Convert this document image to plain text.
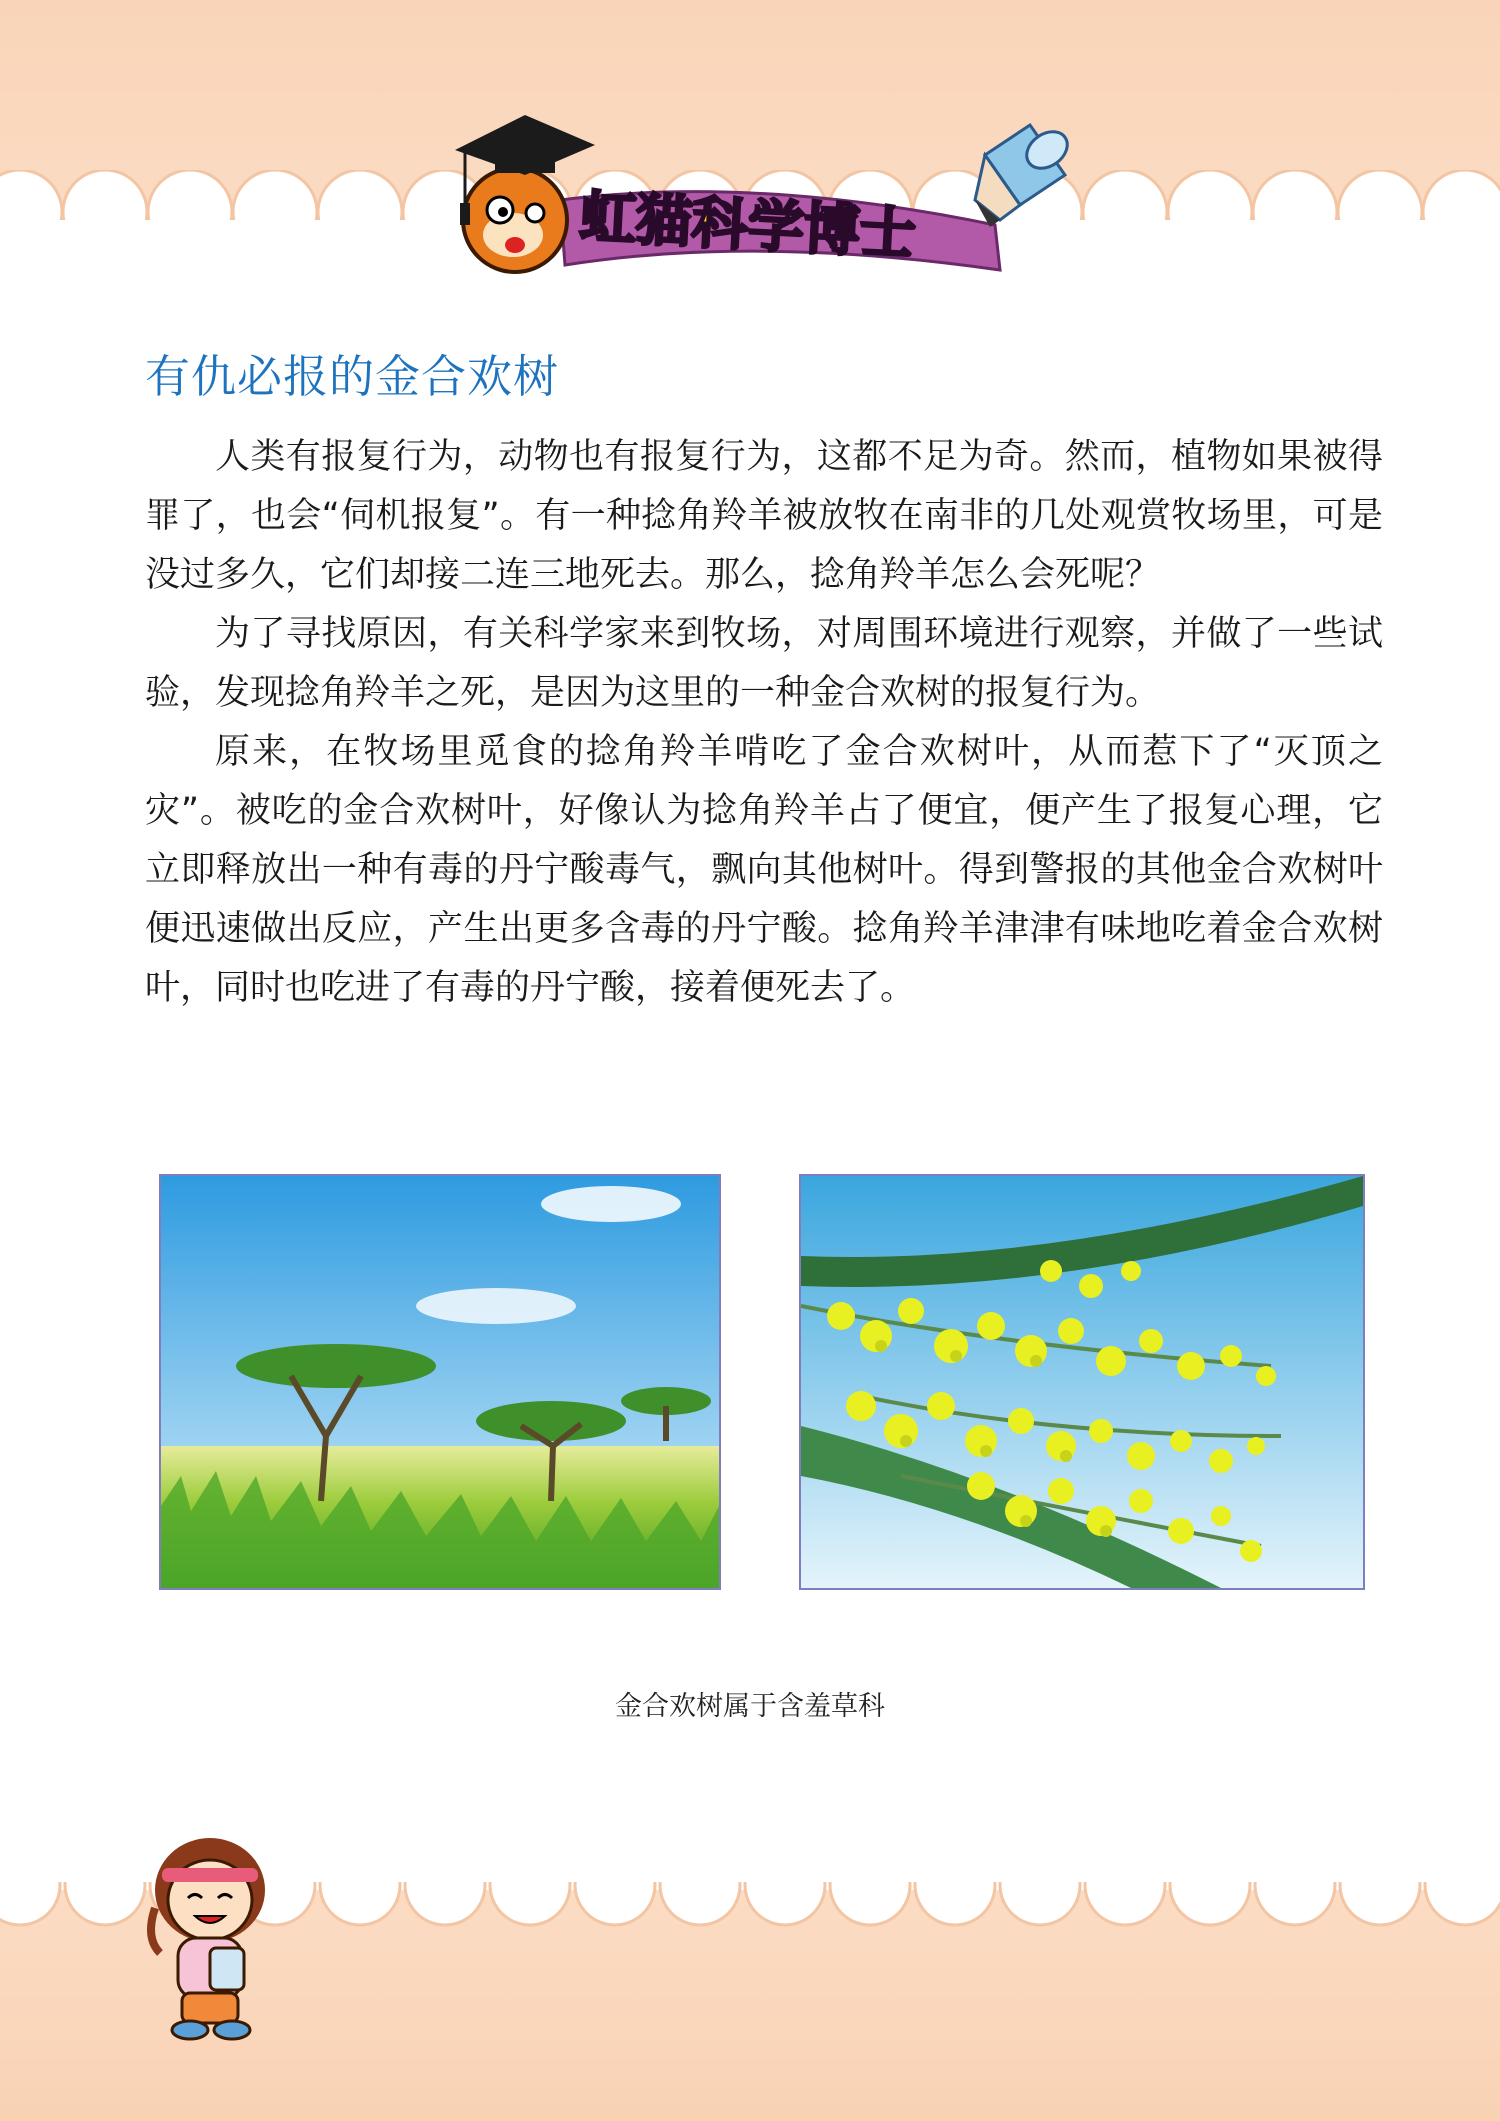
虹猫科学博士
有仇必报的金合欢树

人类有报复行为，动物也有报复行为，这都不足为奇。然而，植物如果被得罪了，也会“伺机报复”。有一种捻角羚羊被放牧在南非的几处观赏牧场里，可是没过多久，它们却接二连三地死去。那么，捻角羚羊怎么会死呢？

为了寻找原因，有关科学家来到牧场，对周围环境进行观察，并做了一些试验，发现捻角羚羊之死，是因为这里的一种金合欢树的报复行为。

原来，在牧场里觅食的捻角羚羊啃吃了金合欢树叶，从而惹下了“灭顶之灾”。被吃的金合欢树叶，好像认为捻角羚羊占了便宜，便产生了报复心理，它立即释放出一种有毒的丹宁酸毒气，飘向其他树叶。得到警报的其他金合欢树叶便迅速做出反应，产生出更多含毒的丹宁酸。捻角羚羊津津有味地吃着金合欢树叶，同时也吃进了有毒的丹宁酸，接着便死去了。

金合欢树属于含羞草科
